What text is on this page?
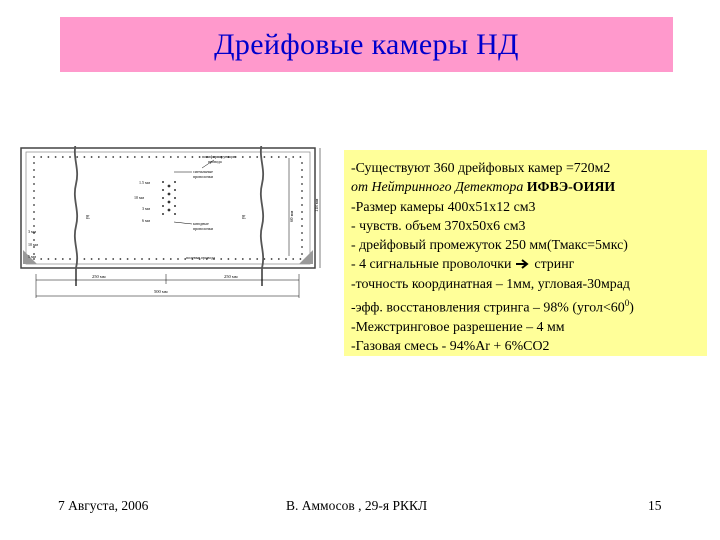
Дрейфовые камеры НД
E	E
полиформирующие
провода
сигнальные
проволочки
катодные
проволочки
полевые провода
1.5 мм
10 мм
3 мм
6 мм	60 мм
118 мм
3 мм
10 мм
5 мм
250 мм	250 мм
500 мм
-Существуют 360 дрейфовых камер =720м2
от Нейтринного Детектора ИФВЭ-ОИЯИ
-Размер камеры 400х51х12 см3
- чувств. объем 370х50х6 см3
- дрейфовый промежуток 250 мм(Тмакс=5мкс)
- 4 сигнальные проволочки  стринг
-точность координатная – 1мм, угловая-30мрад
-эфф. восстановления стринга – 98% $(угол<60^0)$
-Межстринговое разрешение – 4 мм
-Газовая смесь - 94%Ar + 6%CO2
7 Августа, 2006	В. Аммосов , 29-я РККЛ	15
